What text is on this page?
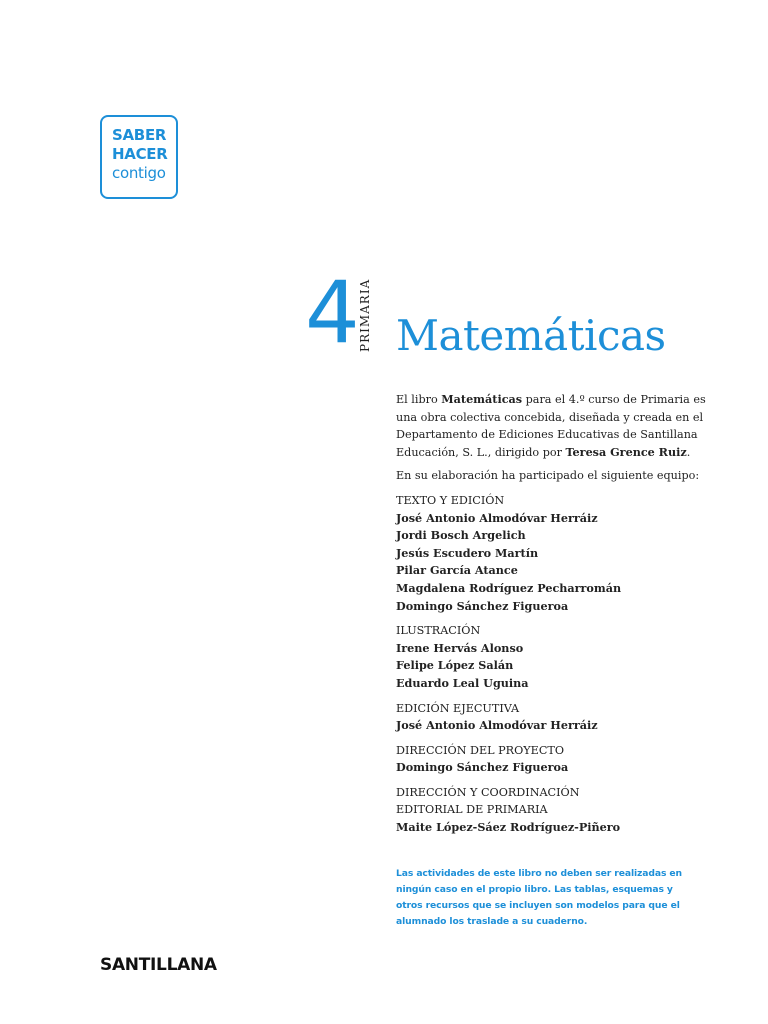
SABER
HACER
contigo
4 PRIMARIA Matemáticas

El libro Matemáticas para el 4.º curso de Primaria es una obra colectiva concebida, diseñada y creada en el Departamento de Ediciones Educativas de Santillana Educación, S. L., dirigido por Teresa Grence Ruiz.

En su elaboración ha participado el siguiente equipo:

TEXTO Y EDICIÓN

José Antonio Almodóvar Herráiz

Jordi Bosch Argelich

Jesús Escudero Martín

Pilar García Atance

Magdalena Rodríguez Pecharromán

Domingo Sánchez Figueroa

ILUSTRACIÓN

Irene Hervás Alonso

Felipe López Salán

Eduardo Leal Uguina

EDICIÓN EJECUTIVA

José Antonio Almodóvar Herráiz

DIRECCIÓN DEL PROYECTO

Domingo Sánchez Figueroa

DIRECCIÓN Y COORDINACIÓN EDITORIAL DE PRIMARIA

Maite López-Sáez Rodríguez-Piñero

Las actividades de este libro no deben ser realizadas en ningún caso en el propio libro. Las tablas, esquemas y otros recursos que se incluyen son modelos para que el alumnado los traslade a su cuaderno.
SANTILLANA
